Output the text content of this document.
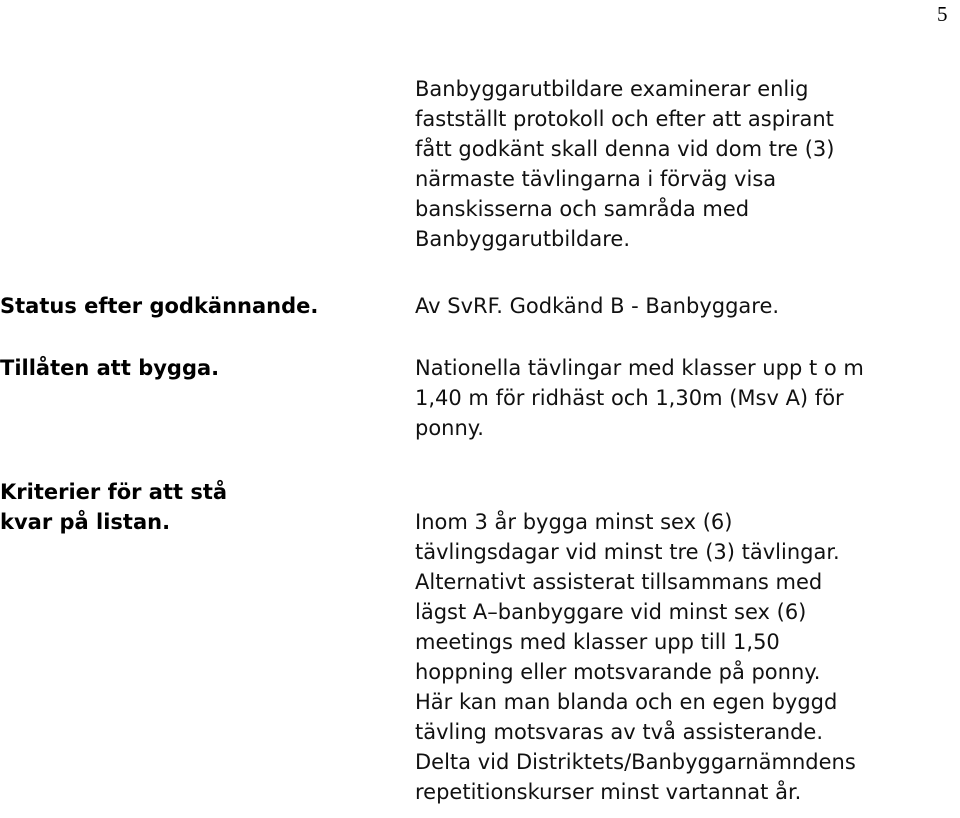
5
Banbyggarutbildare examinerar enlig
fastställt protokoll och efter att aspirant
fått godkänt skall denna vid dom tre (3)
närmaste tävlingarna i förväg visa
banskisserna och samråda med
Banbyggarutbildare.
Status efter godkännande.	Av SvRF. Godkänd B - Banbyggare.
Tillåten att bygga.	Nationella tävlingar med klasser upp t o m
1,40 m för ridhäst och 1,30m (Msv A) för
ponny.
Kriterier för att stå
kvar på listan.	Inom 3 år bygga minst sex (6)
tävlingsdagar vid minst tre (3) tävlingar.
Alternativt assisterat tillsammans med
lägst A–banbyggare vid minst sex (6)
meetings med klasser upp till 1,50
hoppning eller motsvarande på ponny.
Här kan man blanda och en egen byggd
tävling motsvaras av två assisterande.
Delta vid Distriktets/Banbyggarnämndens
repetitionskurser minst vartannat år.
